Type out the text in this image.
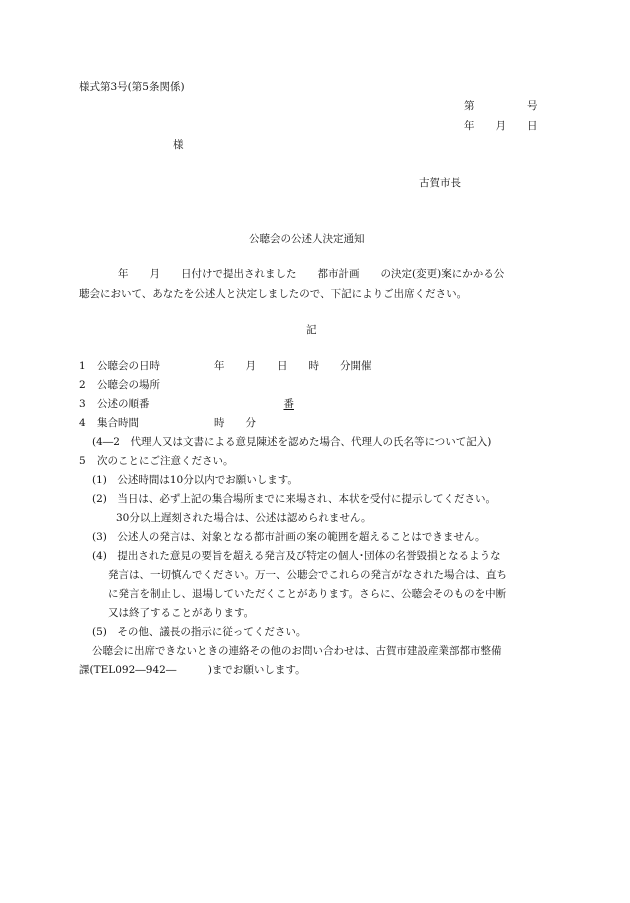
様式第3号(第5条関係)
第　　　　　号
年　　月　　日
様
古賀市長
公聴会の公述人決定通知
年　　月　　日付けで提出されました　　都市計画　　の決定(変更)案にかかる公
聴会において、あなたを公述人と決定しましたので、下記によりご出席ください。
記
1 公聴会の日時	年　　月　　日　　時　　分開催
2 公聴会の場所
3 公述の順番	番
4 集合時間	時　　分
(4―2　代理人又は文書による意見陳述を認めた場合、代理人の氏名等について記入)
5 次のことにご注意ください。
(1)　公述時間は10分以内でお願いします。
(2)　当日は、必ず上記の集合場所までに来場され、本状を受付に提示してください。
30分以上遅刻された場合は、公述は認められません。
(3)　公述人の発言は、対象となる都市計画の案の範囲を超えることはできません。
(4)　提出された意見の要旨を超える発言及び特定の個人･団体の名誉毀損となるような
発言は、一切慎んでください。万一、公聴会でこれらの発言がなされた場合は、直ち
に発言を制止し、退場していただくことがあります。さらに、公聴会そのものを中断
又は終了することがあります。
(5)　その他、議長の指示に従ってください。
公聴会に出席できないときの連絡その他のお問い合わせは、古賀市建設産業部都市整備
課(TEL092―942―　　　)までお願いします。
